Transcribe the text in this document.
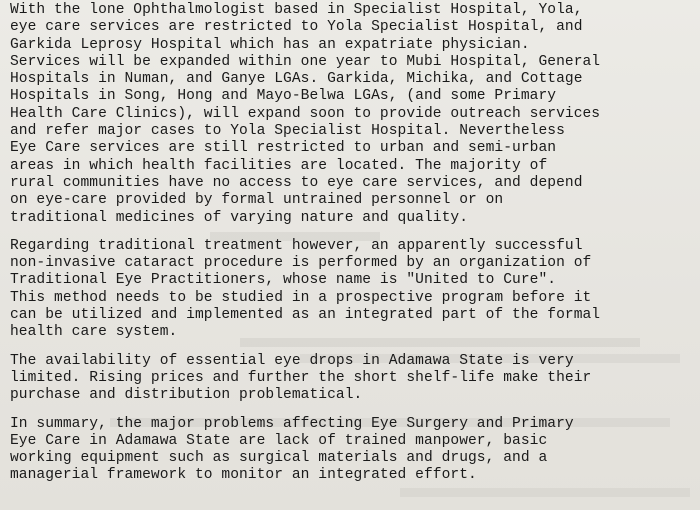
With the lone Ophthalmologist based in Specialist Hospital, Yola,
eye care services are restricted to Yola Specialist Hospital, and
Garkida Leprosy Hospital which has an expatriate physician.
Services will be expanded within one year to Mubi Hospital, General
Hospitals in Numan, and Ganye LGAs. Garkida, Michika, and Cottage
Hospitals in Song, Hong and Mayo-Belwa LGAs, (and some Primary
Health Care Clinics), will expand soon to provide outreach services
and refer major cases to Yola Specialist Hospital. Nevertheless
Eye Care services are still restricted to urban and semi-urban
areas in which health facilities are located. The majority of
rural communities have no access to eye care services, and depend
on eye-care provided by formal untrained personnel or on
traditional medicines of varying nature and quality.

Regarding traditional treatment however, an apparently successful
non-invasive cataract procedure is performed by an organization of
Traditional Eye Practitioners, whose name is "United to Cure".
This method needs to be studied in a prospective program before it
can be utilized and implemented as an integrated part of the formal
health care system.

The availability of essential eye drops in Adamawa State is very
limited. Rising prices and further the short shelf-life make their
purchase and distribution problematical.

In summary, the major problems affecting Eye Surgery and Primary
Eye Care in Adamawa State are lack of trained manpower, basic
working equipment such as surgical materials and drugs, and a
managerial framework to monitor an integrated effort.
